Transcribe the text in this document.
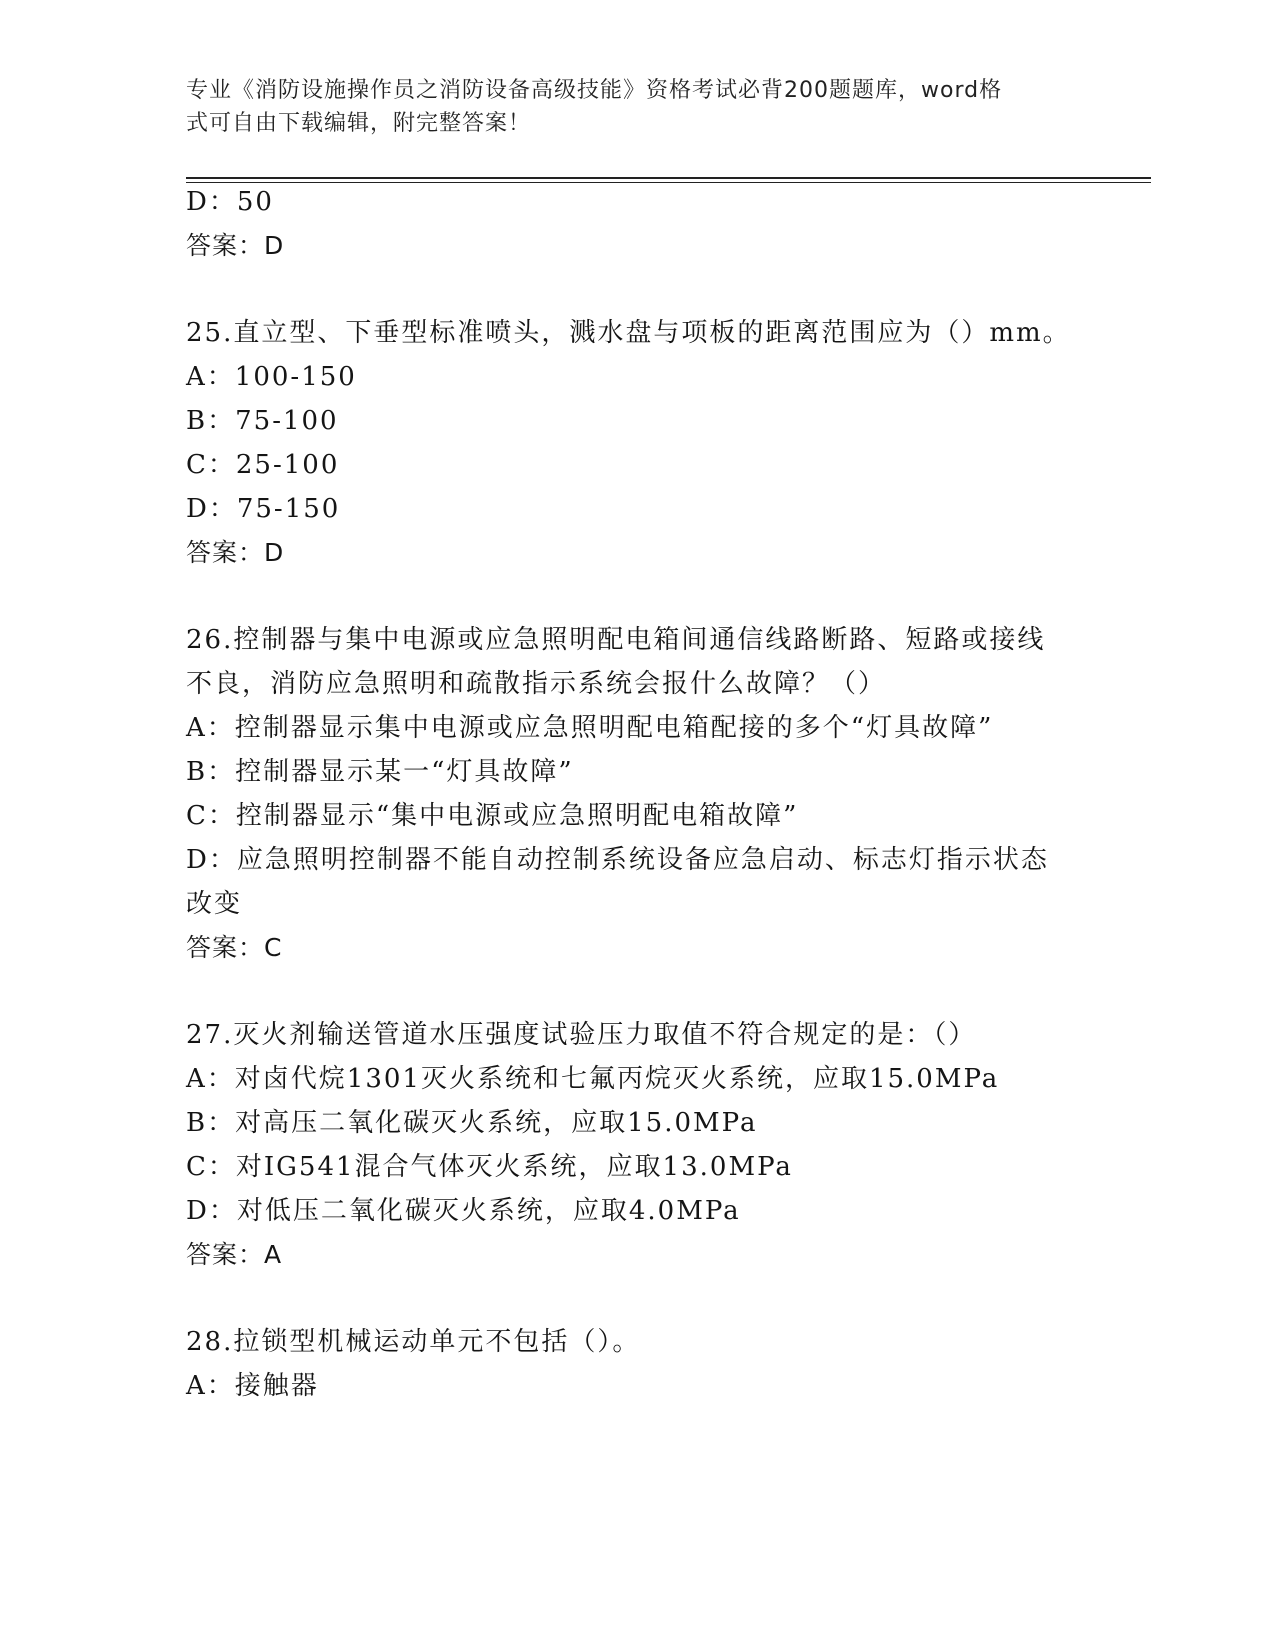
专业《消防设施操作员之消防设备高级技能》资格考试必背200题题库，word格
式可自由下载编辑，附完整答案！
D：50
答案：D
25.直立型、下垂型标准喷头，溅水盘与项板的距离范围应为（）mm。
A：100-150
B：75-100
C：25-100
D：75-150
答案：D
26.控制器与集中电源或应急照明配电箱间通信线路断路、短路或接线
不良，消防应急照明和疏散指示系统会报什么故障？（）
A：控制器显示集中电源或应急照明配电箱配接的多个“灯具故障”
B：控制器显示某一“灯具故障”
C：控制器显示“集中电源或应急照明配电箱故障”
D：应急照明控制器不能自动控制系统设备应急启动、标志灯指示状态
改变
答案：C
27.灭火剂输送管道水压强度试验压力取值不符合规定的是：（）
A：对卤代烷1301灭火系统和七氟丙烷灭火系统，应取15.0MPa
B：对高压二氧化碳灭火系统，应取15.0MPa
C：对IG541混合气体灭火系统，应取13.0MPa
D：对低压二氧化碳灭火系统，应取4.0MPa
答案：A
28.拉锁型机械运动单元不包括（）。
A：接触器
